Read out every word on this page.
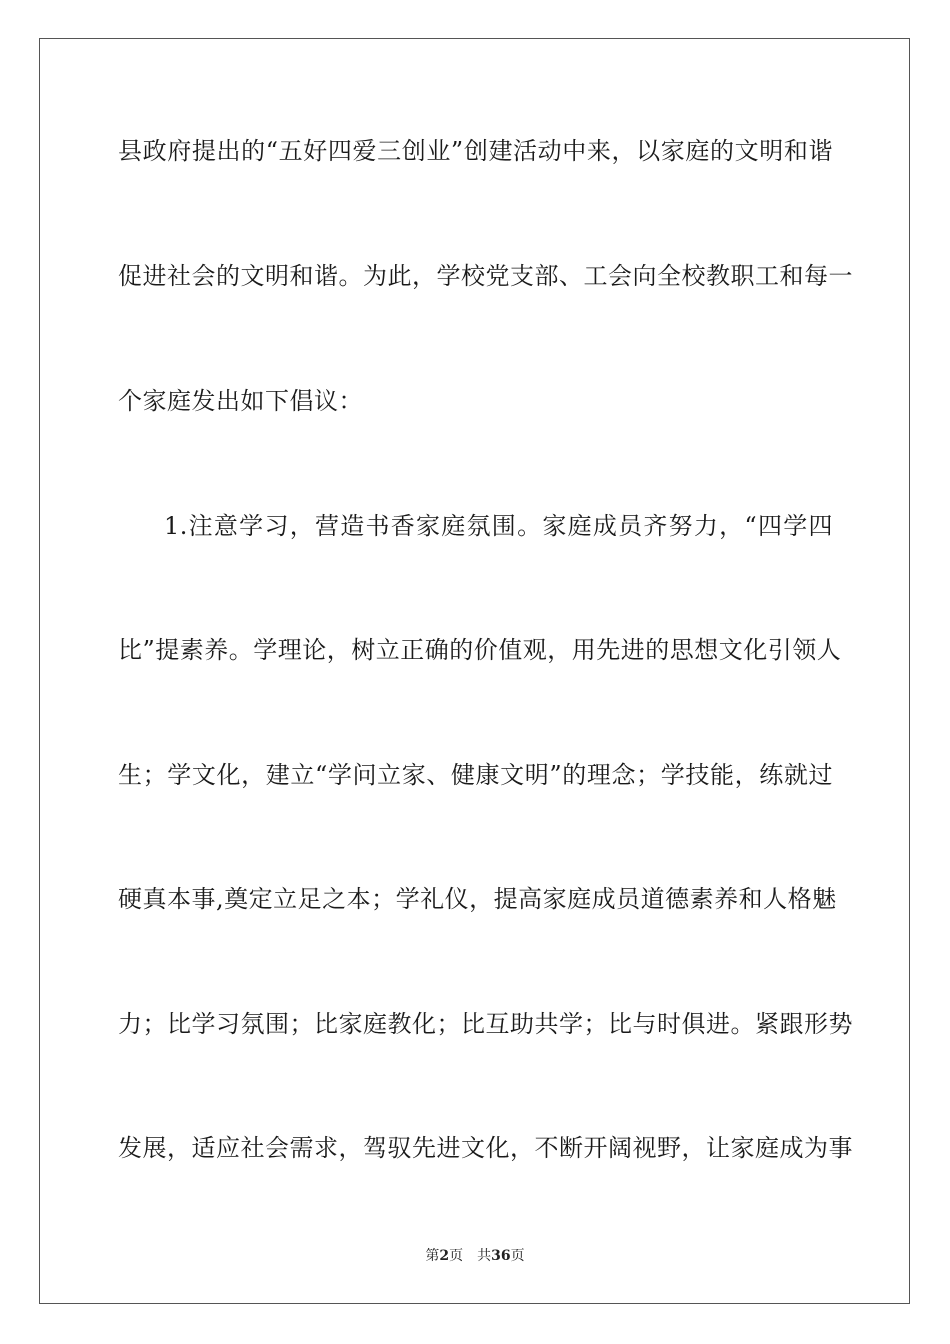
县政府提出的“五好四爱三创业”创建活动中来，以家庭的文明和谐
促进社会的文明和谐。为此，学校党支部、工会向全校教职工和每一
个家庭发出如下倡议：
1.注意学习，营造书香家庭氛围。家庭成员齐努力，“四学四
比”提素养。学理论，树立正确的价值观，用先进的思想文化引领人
生；学文化，建立“学问立家、健康文明”的理念；学技能，练就过
硬真本事,奠定立足之本；学礼仪，提高家庭成员道德素养和人格魅
力；比学习氛围；比家庭教化；比互助共学；比与时俱进。紧跟形势
发展，适应社会需求，驾驭先进文化，不断开阔视野，让家庭成为事
第2页 共36页
